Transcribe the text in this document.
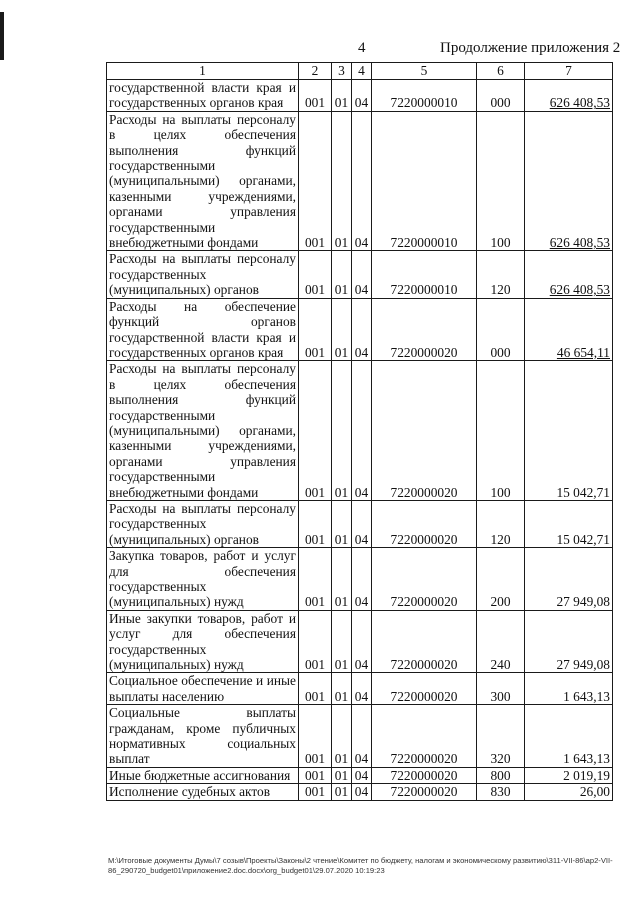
4	Продолжение приложения 2
1	2	3	4	5	6	7
государственной власти края и государственных органов края	001	01	04	7220000010	000	626 408,53
Расходы на выплаты персоналу в целях обеспечения выполнения функций государственными (муниципальными) органами, казенными учреждениями, органами управления государственными внебюджетными фондами	001	01	04	7220000010	100	626 408,53
Расходы на выплаты персоналу государственных (муниципальных) органов	001	01	04	7220000010	120	626 408,53
Расходы на обеспечение функций органов государственной власти края и государственных органов края	001	01	04	7220000020	000	46 654,11
Расходы на выплаты персоналу в целях обеспечения выполнения функций государственными (муниципальными) органами, казенными учреждениями, органами управления государственными внебюджетными фондами	001	01	04	7220000020	100	15 042,71
Расходы на выплаты персоналу государственных (муниципальных) органов	001	01	04	7220000020	120	15 042,71
Закупка товаров, работ и услуг для обеспечения государственных (муниципальных) нужд	001	01	04	7220000020	200	27 949,08
Иные закупки товаров, работ и услуг для обеспечения государственных (муниципальных) нужд	001	01	04	7220000020	240	27 949,08
Социальное обеспечение и иные выплаты населению	001	01	04	7220000020	300	1 643,13
Социальные выплаты гражданам, кроме публичных нормативных социальных выплат	001	01	04	7220000020	320	1 643,13
Иные бюджетные ассигнования	001	01	04	7220000020	800	2 019,19
Исполнение судебных актов	001	01	04	7220000020	830	26,00
M:\Итоговые документы Думы\7 созыв\Проекты\Законы\2 чтение\Комитет по бюджету, налогам и экономическому развитию\311-VII-86\ap2-VII-86_290720_budget01\приложение2.doc.docx\org_budget01\29.07.2020 10:19:23
